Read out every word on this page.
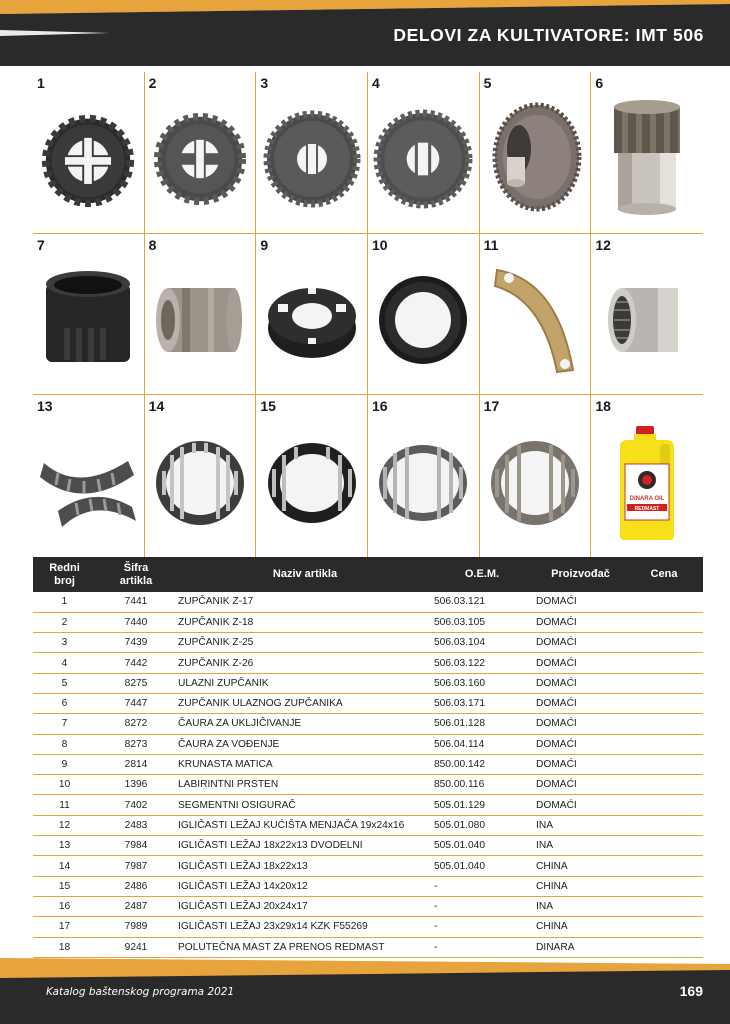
DELOVI ZA KULTIVATORE: IMT 506
1	2	3	4	5	6
7	8	9	10	11	12
13	14	15	16	17	18
DINARA OIL
REDMAST
Redni broj	Šifra artikla	Naziv artikla	O.E.M.	Proizvođač	Cena
1	7441	ZUPČANIK Z-17	506.03.121	DOMAĆI	
2	7440	ZUPČANIK Z-18	506.03.105	DOMAĆI	
3	7439	ZUPČANIK Z-25	506.03.104	DOMAĆI	
4	7442	ZUPČANIK Z-26	506.03.122	DOMAĆI	
5	8275	ULAZNI ZUPČANIK	506.03.160	DOMAĆI	
6	7447	ZUPČANIK ULAZNOG ZUPČANIKA	506.03.171	DOMAĆI	
7	8272	ČAURA ZA UKLJIČIVANJE	506.01.128	DOMAĆI	
8	8273	ČAURA ZA VOĐENJE	506.04.114	DOMAĆI	
9	2814	KRUNASTA MATICA	850.00.142	DOMAĆI	
10	1396	LABIRINTNI PRSTEN	850.00.116	DOMAĆI	
11	7402	SEGMENTNI OSIGURAČ	505.01.129	DOMAĆI	
12	2483	IGLIČASTI LEŽAJ KUĆIŠTA MENJAČA 19x24x16	505.01.080	INA	
13	7984	IGLIČASTI LEŽAJ 18x22x13 DVODELNI	505.01.040	INA	
14	7987	IGLIČASTI LEŽAJ 18x22x13	505.01.040	CHINA	
15	2486	IGLIČASTI LEŽAJ 14x20x12	-	CHINA	
16	2487	IGLIČASTI LEŽAJ 20x24x17	-	INA	
17	7989	IGLIČASTI LEŽAJ 23x29x14 KZK F55269	-	CHINA	
18	9241	POLUTEČNA MAST ZA PRENOS REDMAST	-	DINARA	
Katalog baštenskog programa 2021	169
